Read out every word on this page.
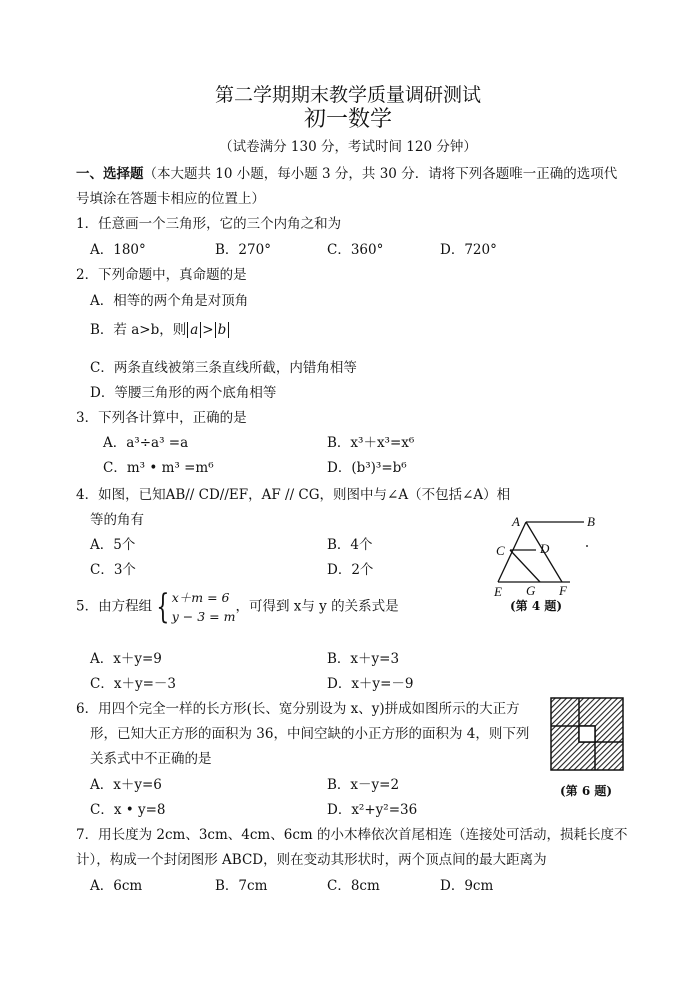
第二学期期末教学质量调研测试
初一数学
（试卷满分 130 分，考试时间 120 分钟）
一、选择题（本大题共 10 小题，每小题 3 分，共 30 分．请将下列各题唯一正确的选项代
号填涂在答题卡相应的位置上）
1．任意画一个三角形，它的三个内角之和为
A．180°	B．270°	C．360°	D．720°
2．下列命题中，真命题的是
A．相等的两个角是对顶角
B．若 a>b，则 a > b
C．两条直线被第三条直线所截，内错角相等
D．等腰三角形的两个底角相等
3．下列各计算中，正确的是
A．a³÷a³ =a	B．x³＋x³=x⁶
C．m³ • m³ =m⁶	D．(b³)³=b⁶
4．如图，已知AB// CD//EF，AF // CG，则图中与∠A（不包括∠A）相
等的角有
A．5个	B．4个
C．3个	D．2个
A	B
C	D
E G F
(第 4 题)
5．由方程组 { x＋m = 6
y − 3 = m
，可得到 x与 y 的关系式是
A．x＋y=9	B．x＋y=3
C．x＋y=－3	D．x＋y=－9
6．用四个完全一样的长方形(长、宽分别设为 x、y)拼成如图所示的大正方
形，已知大正方形的面积为 36，中间空缺的小正方形的面积为 4，则下列
关系式中不正确的是
A．x＋y=6	B．x－y=2
C．x • y=8	D．x²+y²=36
(第 6 题)
7．用长度为 2cm、3cm、4cm、6cm 的小木棒依次首尾相连（连接处可活动，损耗长度不
计），构成一个封闭图形 ABCD，则在变动其形状时，两个顶点间的最大距离为
A．6cm	B．7cm	C．8cm	D．9cm
